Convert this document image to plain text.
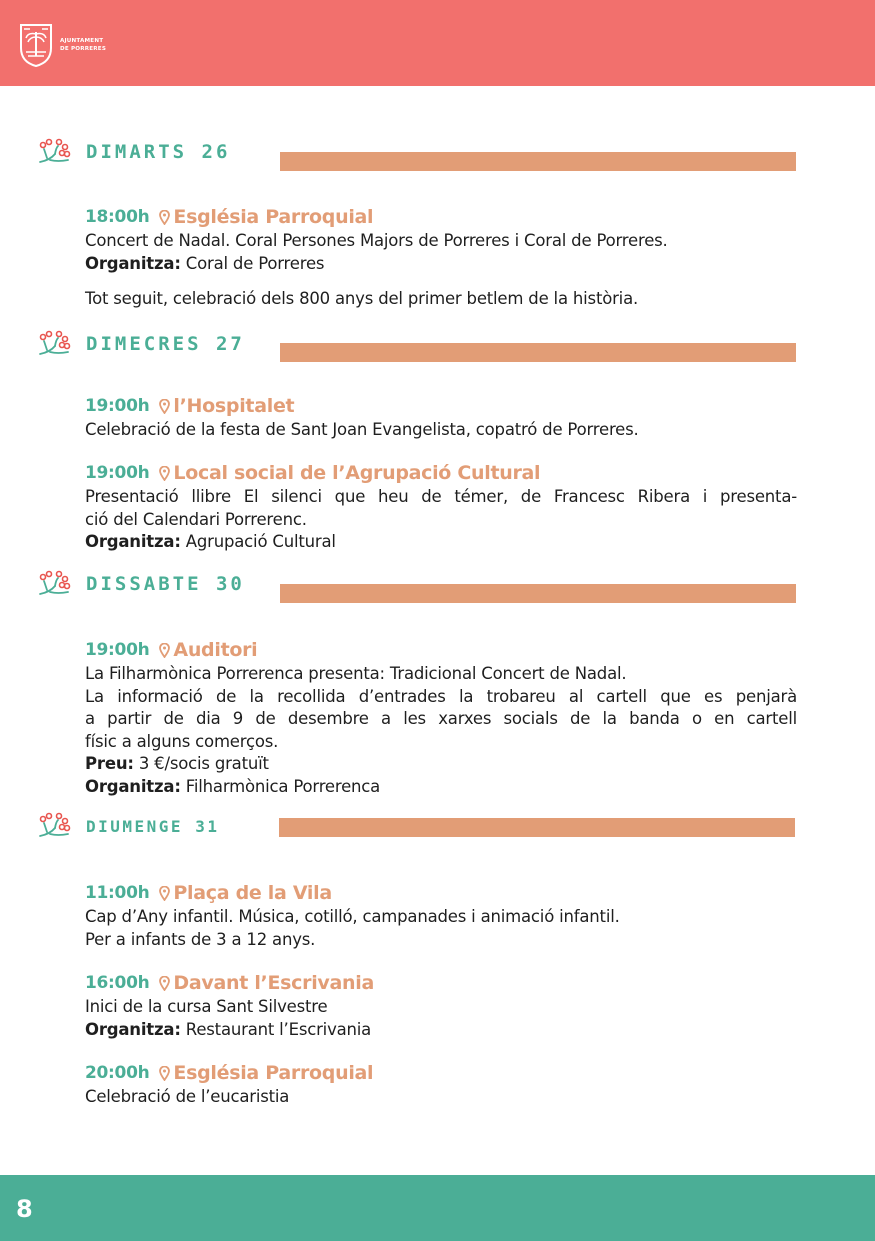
AJUNTAMENT
DE PORRERES
DIMARTS 26
18:00h Església Parroquial
Concert de Nadal. Coral Persones Majors de Porreres i Coral de Porreres.
Organitza: Coral de Porreres
Tot seguit, celebració dels 800 anys del primer betlem de la història.
DIMECRES 27
19:00h l’Hospitalet
Celebració de la festa de Sant Joan Evangelista, copatró de Porreres.
19:00h Local social de l’Agrupació Cultural
Presentació llibre El silenci que heu de témer, de Francesc Ribera i presenta-
ció del Calendari Porrerenc.
Organitza: Agrupació Cultural
DISSABTE 30
19:00h Auditori
La Filharmònica Porrerenca presenta: Tradicional Concert de Nadal.
La informació de la recollida d’entrades la trobareu al cartell que es penjarà
a partir de dia 9 de desembre a les xarxes socials de la banda o en cartell
físic a alguns comerços.
Preu: 3 €/socis gratuït
Organitza: Filharmònica Porrerenca
DIUMENGE 31
11:00h Plaça de la Vila
Cap d’Any infantil. Música, cotilló, campanades i animació infantil.
Per a infants de 3 a 12 anys.
16:00h Davant l’Escrivania
Inici de la cursa Sant Silvestre
Organitza: Restaurant l’Escrivania
20:00h Església Parroquial
Celebració de l’eucaristia
8
